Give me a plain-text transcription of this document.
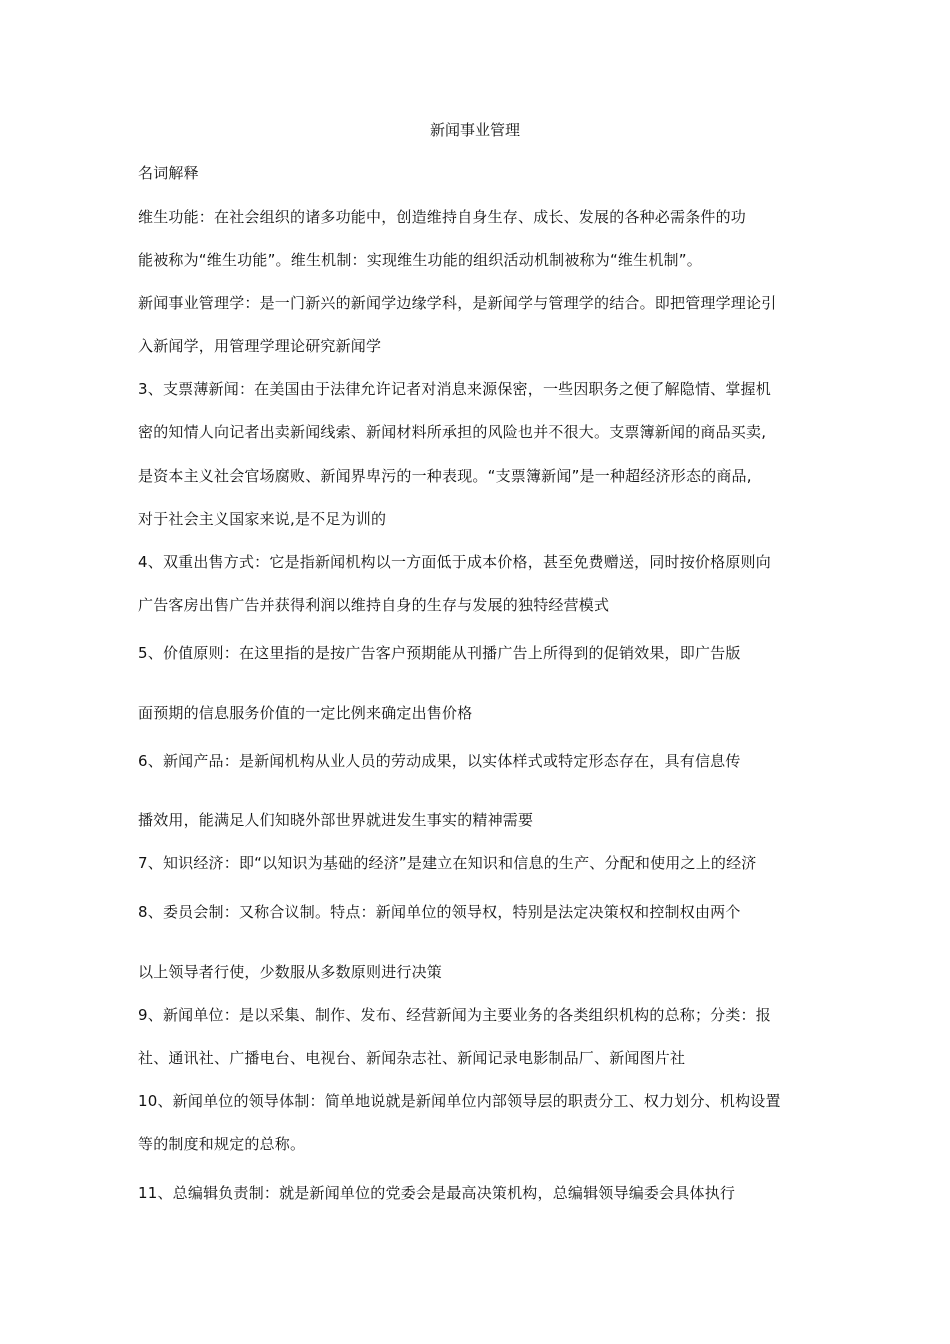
新闻事业管理
名词解释
维生功能：在社会组织的诸多功能中，创造维持自身生存、成长、发展的各种必需条件的功
能被称为“维生功能”。维生机制：实现维生功能的组织活动机制被称为“维生机制”。
新闻事业管理学：是一门新兴的新闻学边缘学科，是新闻学与管理学的结合。即把管理学理论引
入新闻学，用管理学理论研究新闻学
3、支票薄新闻：在美国由于法律允许记者对消息来源保密，一些因职务之便了解隐情、掌握机
密的知情人向记者出卖新闻线索、新闻材料所承担的风险也并不很大。支票簿新闻的商品买卖,
是资本主义社会官场腐败、新闻界卑污的一种表现。“支票簿新闻”是一种超经济形态的商品,
对于社会主义国家来说,是不足为训的
4、双重出售方式：它是指新闻机构以一方面低于成本价格，甚至免费赠送，同时按价格原则向
广告客房出售广告并获得利润以维持自身的生存与发展的独特经营模式
5、价值原则：在这里指的是按广告客户预期能从刊播广告上所得到的促销效果，即广告版
面预期的信息服务价值的一定比例来确定出售价格
6、新闻产品：是新闻机构从业人员的劳动成果，以实体样式或特定形态存在，具有信息传
播效用，能满足人们知晓外部世界就进发生事实的精神需要
7、知识经济：即“以知识为基础的经济”是建立在知识和信息的生产、分配和使用之上的经济
8、委员会制：又称合议制。特点：新闻单位的领导权，特别是法定决策权和控制权由两个
以上领导者行使，少数服从多数原则进行决策
9、新闻单位：是以采集、制作、发布、经营新闻为主要业务的各类组织机构的总称；分类：报
社、通讯社、广播电台、电视台、新闻杂志社、新闻记录电影制品厂、新闻图片社
10、新闻单位的领导体制：简单地说就是新闻单位内部领导层的职责分工、权力划分、机构设置
等的制度和规定的总称。
11、总编辑负责制：就是新闻单位的党委会是最高决策机构，总编辑领导编委会具体执行
